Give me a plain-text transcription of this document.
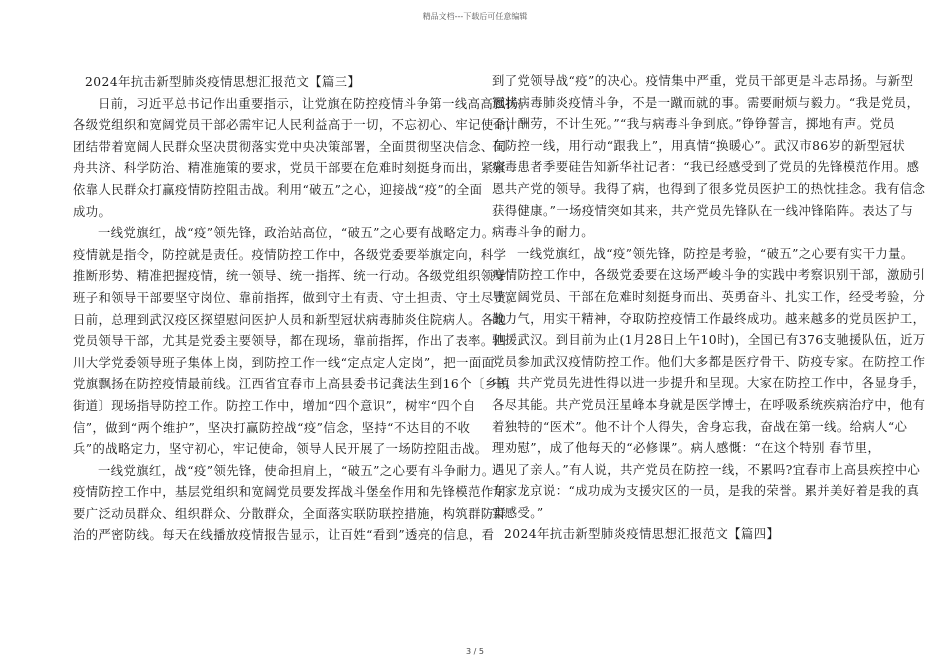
精品文档---下载后可任意编辑
2024年抗击新型肺炎疫情思想汇报范文【篇三】
日前，习近平总书记作出重要指示，让党旗在防控疫情斗争第一线高高飘扬。
各级党组织和宽阔党员干部必需牢记人民利益高于一切，不忘初心、牢记使命，
团结带着宽阔人民群众坚决贯彻落实党中央决策部署，全面贯彻坚决信念、同
舟共济、科学防治、精准施策的要求，党员干部要在危难时刻挺身而出，紧紧
依靠人民群众打赢疫情防控阻击战。利用“破五”之心，迎接战“疫”的全面
成功。
一线党旗红，战“疫”领先锋，政治站高位，“破五”之心要有战略定力。
疫情就是指令，防控就是责任。疫情防控工作中，各级党委要举旗定向，科学
推断形势、精准把握疫情，统一领导、统一指挥、统一行动。各级党组织领导
班子和领导干部要坚守岗位、靠前指挥，做到守土有责、守土担责、守土尽责。
日前，总理到武汉疫区探望慰问医护人员和新型冠状病毒肺炎住院病人。各地
党员领导干部，尤其是党委主要领导，都在现场，靠前指挥，作出了表率。四
川大学党委领导班子集体上岗，到防控工作一线“定点定人定岗”，把一面面
党旗飘扬在防控疫情最前线。江西省宜春市上高县委书记龚法生到16个〔乡镇
街道〕现场指导防控工作。防控工作中，增加“四个意识”，树牢“四个自
信”，做到“两个维护”，坚决打赢防控战“疫”信念，坚持“不达目的不收
兵”的战略定力，坚守初心，牢记使命，领导人民开展了一场防控阻击战。
一线党旗红，战“疫”领先锋，使命担肩上，“破五”之心要有斗争耐力。
疫情防控工作中，基层党组织和宽阔党员要发挥战斗堡垒作用和先锋模范作用。
要广泛动员群众、组织群众、分散群众，全面落实联防联控措施，构筑群防群
治的严密防线。每天在线播放疫情报告显示，让百姓“看到”透亮的信息，看
到了党领导战“疫”的决心。疫情集中严重，党员干部更是斗志昂扬。与新型
冠状病毒肺炎疫情斗争，不是一蹴而就的事。需要耐烦与毅力。“我是党员，
不计酬劳，不计生死。”“我与病毒斗争到底。”铮铮誓言，掷地有声。党员
在防控一线，用行动“跟我上”，用真情“换暖心”。武汉市86岁的新型冠状
病毒患者季要硅告知新华社记者：“我已经感受到了党员的先锋模范作用。感
恩共产党的领导。我得了病，也得到了很多党员医护工的热忱挂念。我有信念
获得健康。”一场疫情突如其来，共产党员先锋队在一线冲锋陷阵。表达了与
病毒斗争的耐力。
一线党旗红，战“疫”领先锋，防控是考验，“破五”之心要有实干力量。
疫情防控工作中，各级党委要在这场严峻斗争的实践中考察识别干部，激励引
导宽阔党员、干部在危难时刻挺身而出、英勇奋斗、扎实工作，经受考验，分
散力气，用实干精神，夺取防控疫情工作最终成功。越来越多的党员医护工，
驰援武汉。到目前为止(1月28日上午10时)，全国已有376支驰援队伍，近万
党员参加武汉疫情防控工作。他们大多都是医疗骨干、防疫专家。在防控工作
中，共产党员先进性得以进一步提升和呈现。大家在防控工作中，各显身手，
各尽其能。共产党员汪星峰本身就是医学博士，在呼吸系统疾病治疗中，他有
着独特的“医术”。他不计个人得失，舍身忘我，奋战在第一线。给病人“心
理劝慰”，成了他每天的“必修课”。病人感慨：“在这个特别 春节里，
遇见了亲人。”有人说，共产党员在防控一线，不累吗?宜春市上高县疾控中心
专家龙京说：“成功成为支援灾区的一员，是我的荣誉。累并美好着是我的真
实感受。”
2024年抗击新型肺炎疫情思想汇报范文【篇四】
3 / 5
